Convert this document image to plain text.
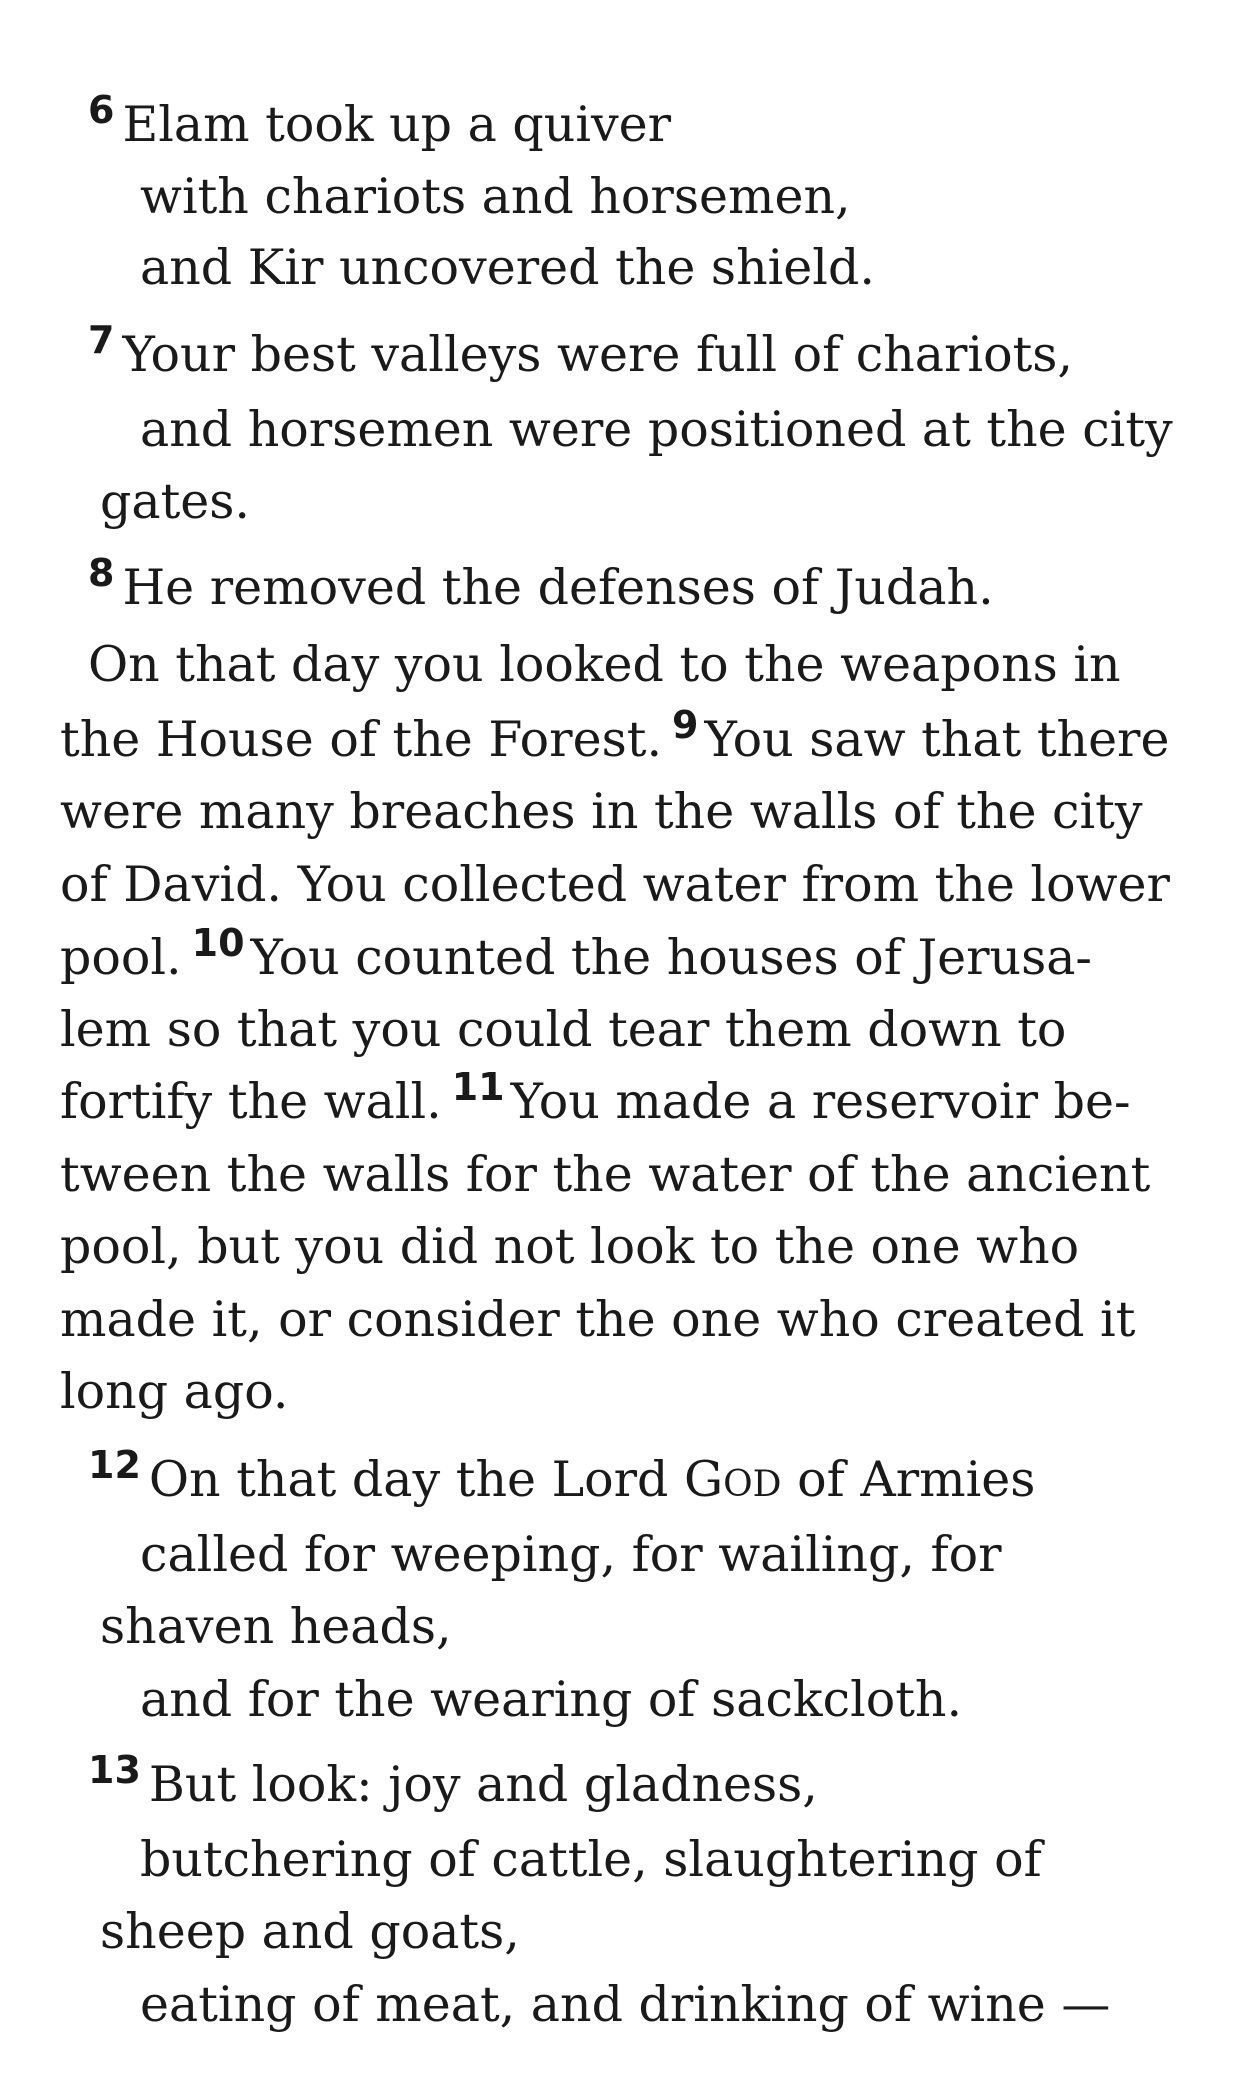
$^6$ Elam took up a quiver
with chariots and horsemen,
and Kir uncovered the shield.
$^7$ Your best valleys were full of chariots,
and horsemen were positioned at the city
gates.
$^8$ He removed the defenses of Judah.
On that day you looked to the weapons in
the House of the Forest. $^9$ You saw that there
were many breaches in the walls of the city
of David. You collected water from the lower
pool. $^{10}$ You counted the houses of Jerusa-
lem so that you could tear them down to
fortify the wall. $^{11}$ You made a reservoir be-
tween the walls for the water of the ancient
pool, but you did not look to the one who
made it, or consider the one who created it
long ago.
$^{12}$ On that day the Lord GOD of Armies
called for weeping, for wailing, for
shaven heads,
and for the wearing of sackcloth.
$^{13}$ But look: joy and gladness,
butchering of cattle, slaughtering of
sheep and goats,
eating of meat, and drinking of wine —
